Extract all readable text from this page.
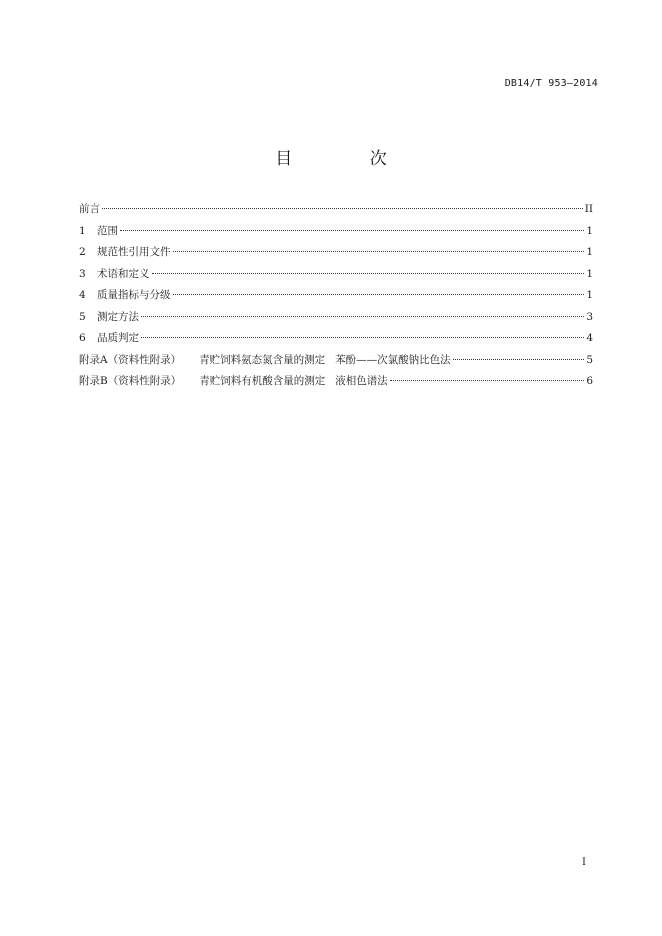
DB14/T 953—2014
目 次
前言	II
1	范围	1
2	规范性引用文件	1
3	术语和定义	1
4	质量指标与分级	1
5	测定方法	3
6	品质判定	4
附录A（资料性附录） 青贮饲料氨态氮含量的测定 苯酚——次氯酸钠比色法	5
附录B（资料性附录） 青贮饲料有机酸含量的测定 液相色谱法	6
I
